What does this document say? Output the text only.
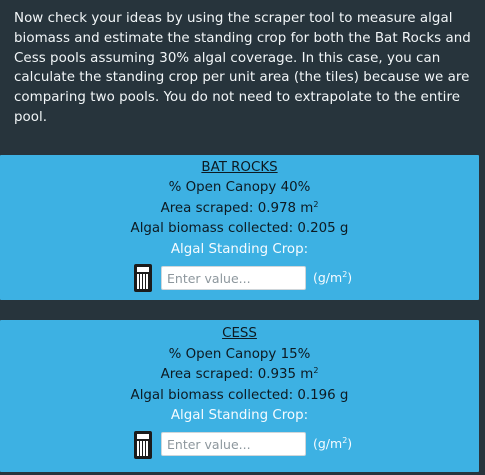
Now check your ideas by using the scraper tool to measure algal
biomass and estimate the standing crop for both the Bat Rocks and
Cess pools assuming 30% algal coverage. In this case, you can
calculate the standing crop per unit area (the tiles) because we are
comparing two pools. You do not need to extrapolate to the entire
pool.
BAT ROCKS
% Open Canopy 40%
Area scraped: 0.978 $m^2$
Algal biomass collected: 0.205 g
Algal Standing Crop:
Enter value...
$(g/m^2)$
CESS
% Open Canopy 15%
Area scraped: 0.935 $m^2$
Algal biomass collected: 0.196 g
Algal Standing Crop:
Enter value...
$(g/m^2)$
